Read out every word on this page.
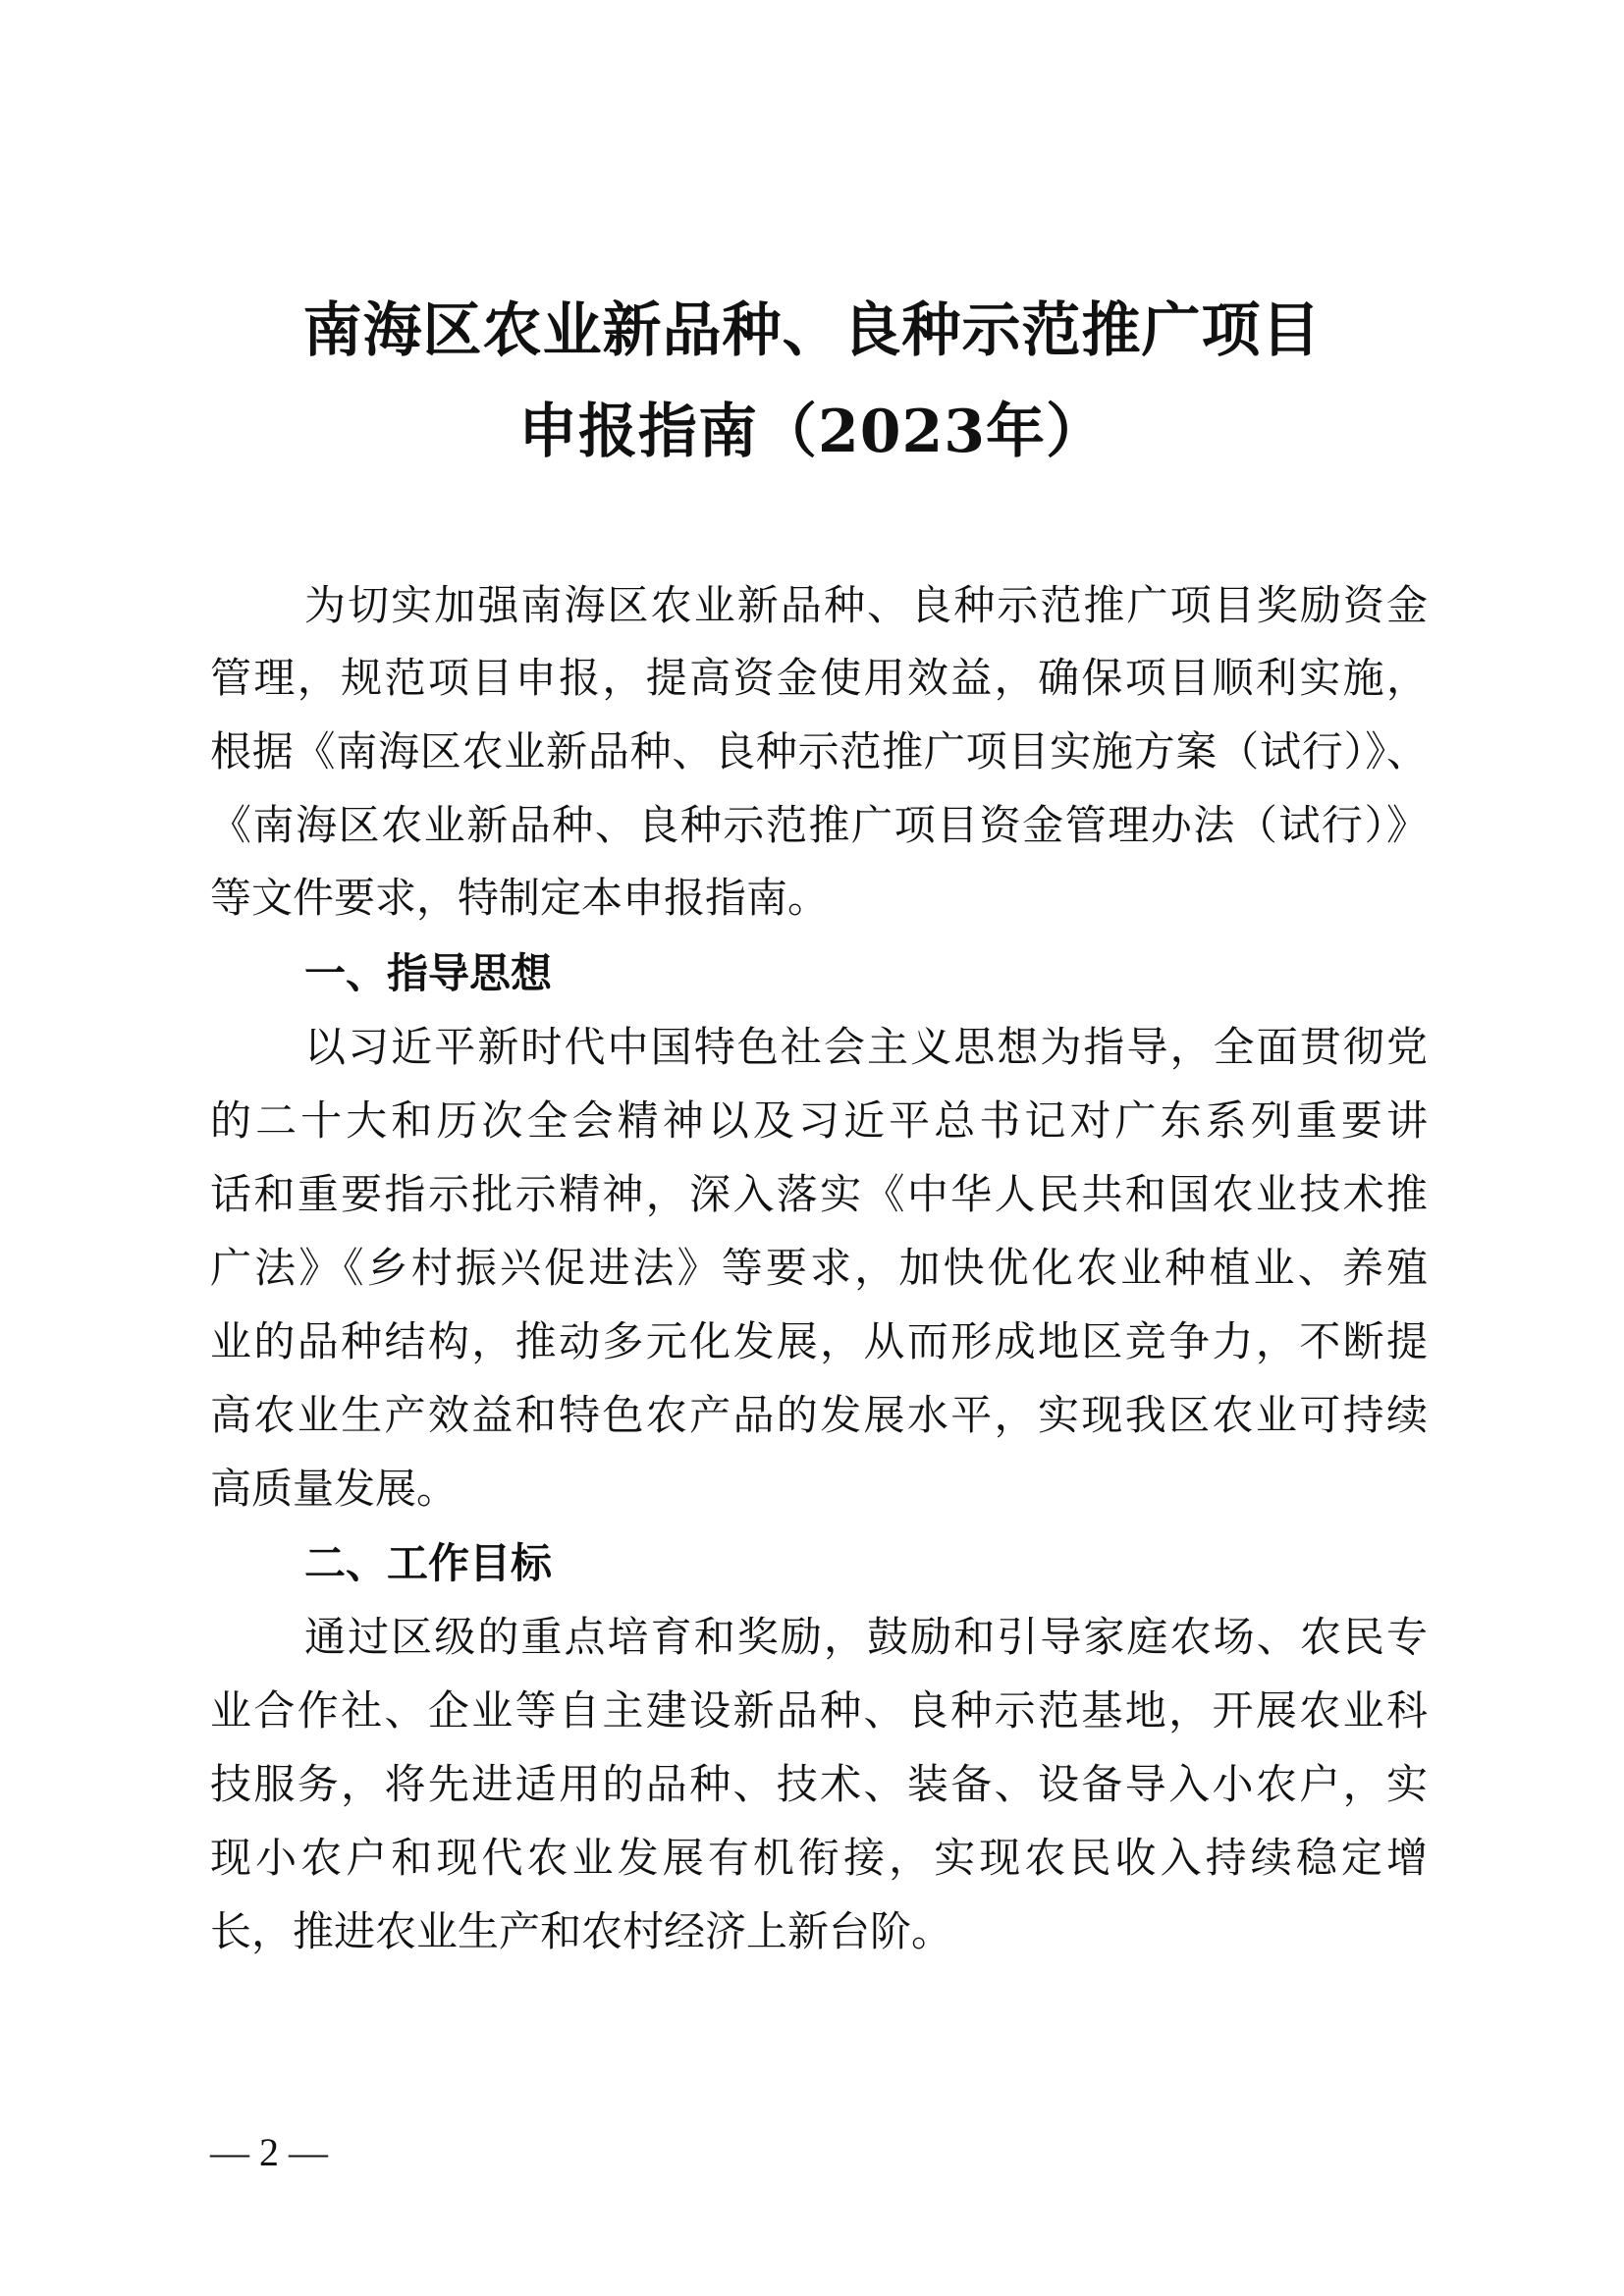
南海区农业新品种、良种示范推广项目
申报指南（2023年）
为切实加强南海区农业新品种、良种示范推广项目奖励资金
管理，规范项目申报，提高资金使用效益，确保项目顺利实施，
根据《南海区农业新品种、良种示范推广项目实施方案（试行）》、
《南海区农业新品种、良种示范推广项目资金管理办法（试行）》
等文件要求，特制定本申报指南。
一、指导思想
以习近平新时代中国特色社会主义思想为指导，全面贯彻党
的二十大和历次全会精神以及习近平总书记对广东系列重要讲
话和重要指示批示精神，深入落实《中华人民共和国农业技术推
广法》《乡村振兴促进法》等要求，加快优化农业种植业、养殖
业的品种结构，推动多元化发展，从而形成地区竞争力，不断提
高农业生产效益和特色农产品的发展水平，实现我区农业可持续
高质量发展。
二、工作目标
通过区级的重点培育和奖励，鼓励和引导家庭农场、农民专
业合作社、企业等自主建设新品种、良种示范基地，开展农业科
技服务，将先进适用的品种、技术、装备、设备导入小农户，实
现小农户和现代农业发展有机衔接，实现农民收入持续稳定增
长，推进农业生产和农村经济上新台阶。
— 2 —
